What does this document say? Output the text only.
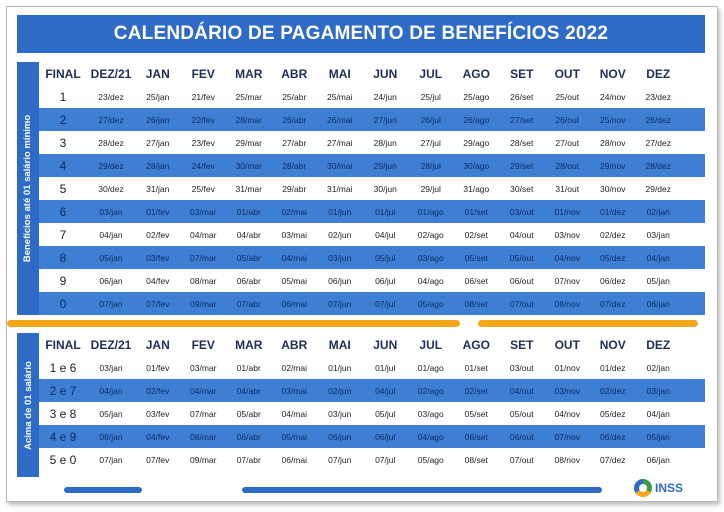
CALENDÁRIO DE PAGAMENTO DE BENEFÍCIOS 2022
Benefícios até 01 salário mínimo
FINAL DEZ/21	JAN	FEV	MAR	ABR	MAI	JUN	JUL	AGO	SET	OUT	NOV	DEZ
1	23/dez	25/jan	21/fev	25/mar	25/abr	25/mai	24/jun	25/jul	25/ago	26/set	25/out	24/nov	23/dez
2	27/dez	26/jan	22/fev	28/mar	26/abr	26/mai	27/jun	26/jul	26/ago	27/set	26/out	25/nov	26/dez
3	28/dez	27/jan	23/fev	29/mar	27/abr	27/mai	28/jun	27/jul	29/ago	28/set	27/out	28/nov	27/dez
4	29/dez	28/jan	24/fev	30/mar	28/abr	30/mai	29/jun	28/jul	30/ago	29/set	28/out	29/nov	28/dez
5	30/dez	31/jan	25/fev	31/mar	29/abr	31/mai	30/jun	29/jul	31/ago	30/set	31/out	30/nov	29/dez
6	03/jan	01/fev	03/mar	01/abr	02/mai	01/jun	01/jul	01/ago	01/set	03/out	01/nov	01/dez	02/jan
7	04/jan	02/fev	04/mar	04/abr	03/mai	02/jun	04/jul	02/ago	02/set	04/out	03/nov	02/dez	03/jan
8	05/jan	03/fev	07/mar	05/abr	04/mai	03/jun	05/jul	03/ago	05/set	05/out	04/nov	05/dez	04/jan
9	06/jan	04/fev	08/mar	06/abr	05/mai	06/jun	06/jul	04/ago	06/set	06/out	07/nov	06/dez	05/jan
0	07/jan	07/fev	09/mar	07/abr	06/mai	07/jun	07/jul	05/ago	08/set	07/out	08/nov	07/dez	06/jan
Acima de 01 salário
FINAL DEZ/21	JAN	FEV	MAR	ABR	MAI	JUN	JUL	AGO	SET	OUT	NOV	DEZ
1 e 6	03/jan	01/fev	03/mar	01/abr	02/mai	01/jun	01/jul	01/ago	01/set	03/out	01/nov	01/dez	02/jan
2 e 7	04/jan	02/fev	04/mar	04/abr	03/mai	02/jun	04/jul	02/ago	02/set	04/out	03/nov	02/dez	03/jan
3 e 8	05/jan	03/fev	07/mar	05/abr	04/mai	03/jun	05/jul	03/ago	05/set	05/out	04/nov	05/dez	04/jan
4 e 9	06/jan	04/fev	08/mar	06/abr	05/mai	06/jun	06/jul	04/ago	06/set	06/out	07/nov	06/dez	05/jan
5 e 0	07/jan	07/fev	09/mar	07/abr	06/mai	07/jun	07/jul	05/ago	08/set	07/out	08/nov	07/dez	06/jan
INSS
